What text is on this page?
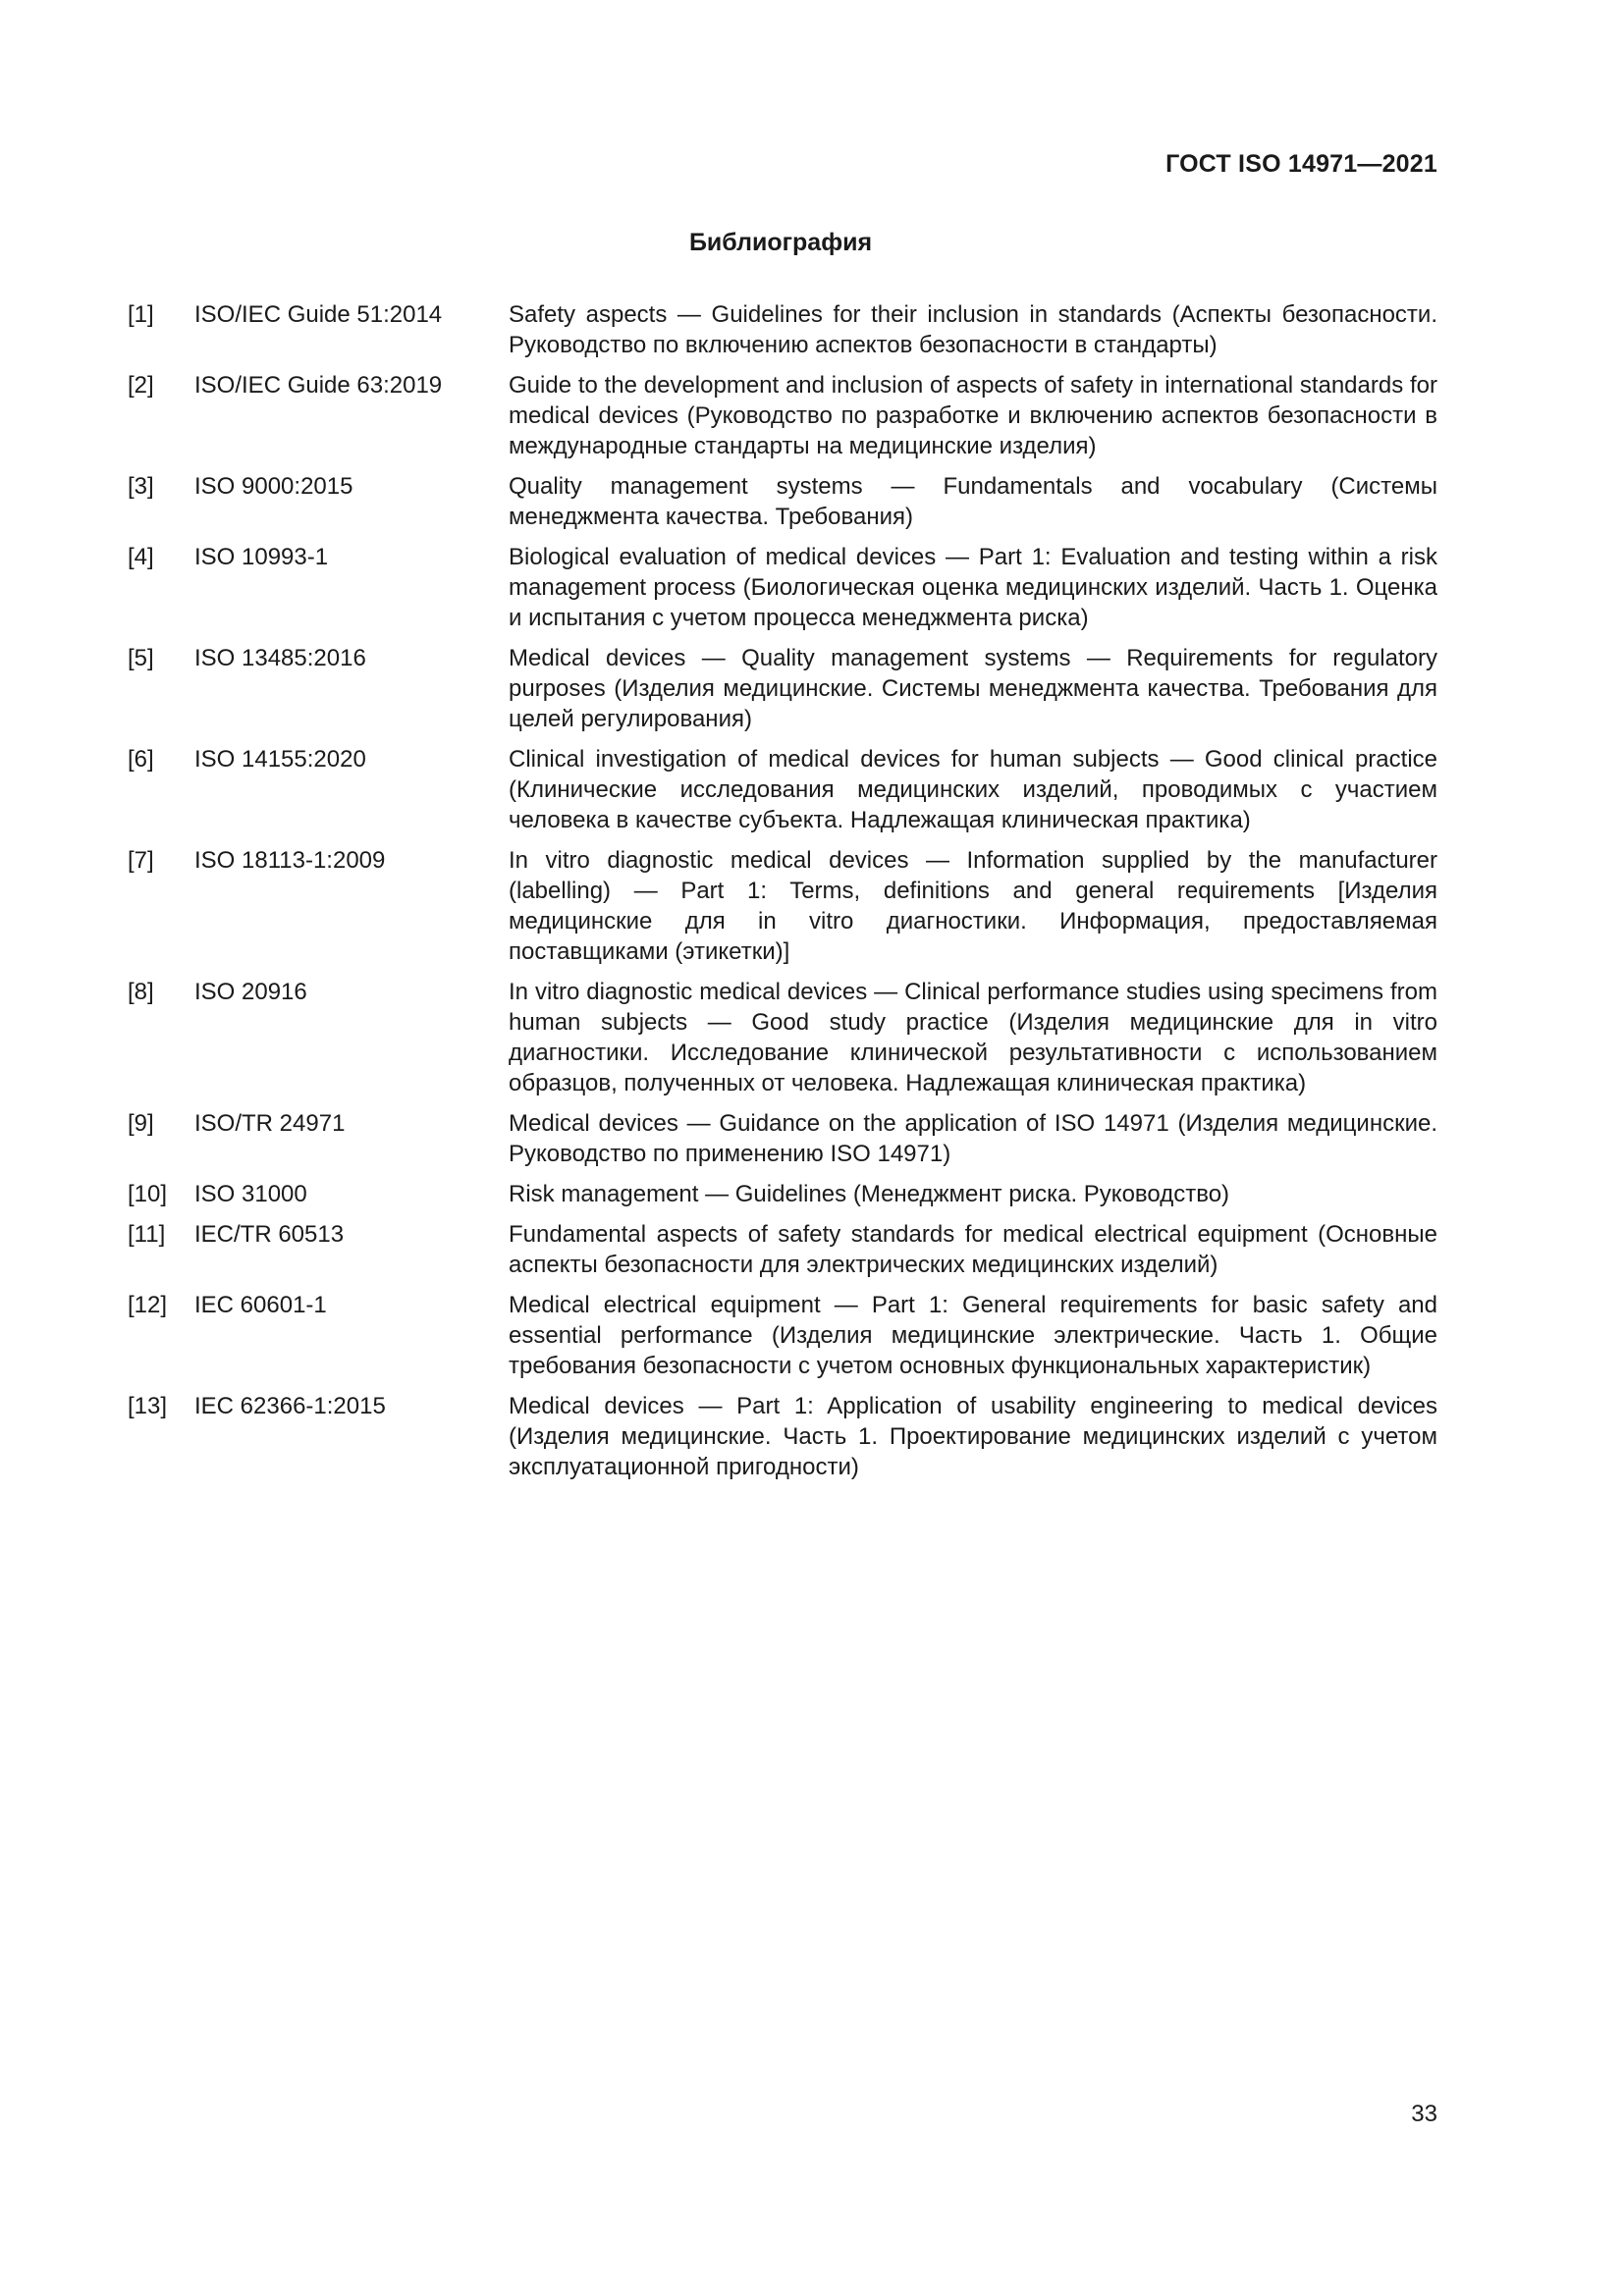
ГОСТ ISO 14971—2021
Библиография
[1]	ISO/IEC Guide 51:2014	Safety aspects — Guidelines for their inclusion in standards (Аспекты безопасности. Руководство по включению аспектов безопасности в стандарты)
[2]	ISO/IEC Guide 63:2019	Guide to the development and inclusion of aspects of safety in international standards for medical devices (Руководство по разработке и включению аспектов безопасности в международные стандарты на медицинские изделия)
[3]	ISO 9000:2015	Quality management systems — Fundamentals and vocabulary (Системы менеджмента качества. Требования)
[4]	ISO 10993-1	Biological evaluation of medical devices — Part 1: Evaluation and testing within a risk management process (Биологическая оценка медицинских изделий. Часть 1. Оценка и испытания с учетом процесса менеджмента риска)
[5]	ISO 13485:2016	Medical devices — Quality management systems — Requirements for regulatory purposes (Изделия медицинские. Системы менеджмента качества. Требования для целей регулирования)
[6]	ISO 14155:2020	Clinical investigation of medical devices for human subjects — Good clinical practice (Клинические исследования медицинских изделий, проводимых с участием человека в качестве субъекта. Надлежащая клиническая практика)
[7]	ISO 18113-1:2009	In vitro diagnostic medical devices — Information supplied by the manufacturer (labelling) — Part 1: Terms, definitions and general requirements [Изделия медицинские для in vitro диагностики. Информация, предоставляемая поставщиками (этикетки)]
[8]	ISO 20916	In vitro diagnostic medical devices — Clinical performance studies using specimens from human subjects — Good study practice (Изделия медицинские для in vitro диагностики. Исследование клинической результативности с использованием образцов, полученных от человека. Надлежащая клиническая практика)
[9]	ISO/TR 24971	Medical devices — Guidance on the application of ISO 14971 (Изделия медицинские. Руководство по применению ISO 14971)
[10]	ISO 31000	Risk management — Guidelines (Менеджмент риска. Руководство)
[11]	IEC/TR 60513	Fundamental aspects of safety standards for medical electrical equipment (Основные аспекты безопасности для электрических медицинских изделий)
[12]	IEC 60601-1	Medical electrical equipment — Part 1: General requirements for basic safety and essential performance (Изделия медицинские электрические. Часть 1. Общие требования безопасности с учетом основных функциональных характеристик)
[13]	IEC 62366-1:2015	Medical devices — Part 1: Application of usability engineering to medical devices (Изделия медицинские. Часть 1. Проектирование медицинских изделий с учетом эксплуатационной пригодности)
33
